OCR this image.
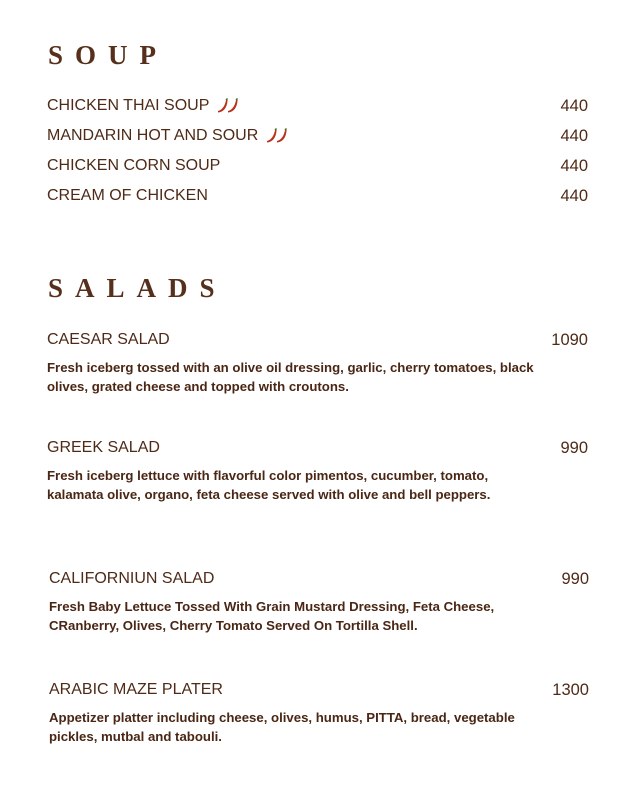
SOUP
CHICKEN THAI SOUP	440
MANDARIN HOT AND SOUR	440
CHICKEN CORN SOUP	440
CREAM OF CHICKEN	440
SALADS
CAESAR SALAD	1090
Fresh iceberg tossed with an olive oil dressing, garlic, cherry tomatoes, black olives, grated cheese and topped with croutons.
GREEK SALAD	990
Fresh iceberg lettuce with flavorful color pimentos, cucumber, tomato, kalamata olive, organo, feta cheese served with olive and bell peppers.
CALIFORNIUN SALAD	990
Fresh Baby Lettuce Tossed With Grain Mustard Dressing, Feta Cheese, CRanberry, Olives, Cherry Tomato Served On Tortilla Shell.
ARABIC MAZE PLATER	1300
Appetizer platter including cheese, olives, humus, PITTA, bread, vegetable pickles, mutbal and tabouli.
